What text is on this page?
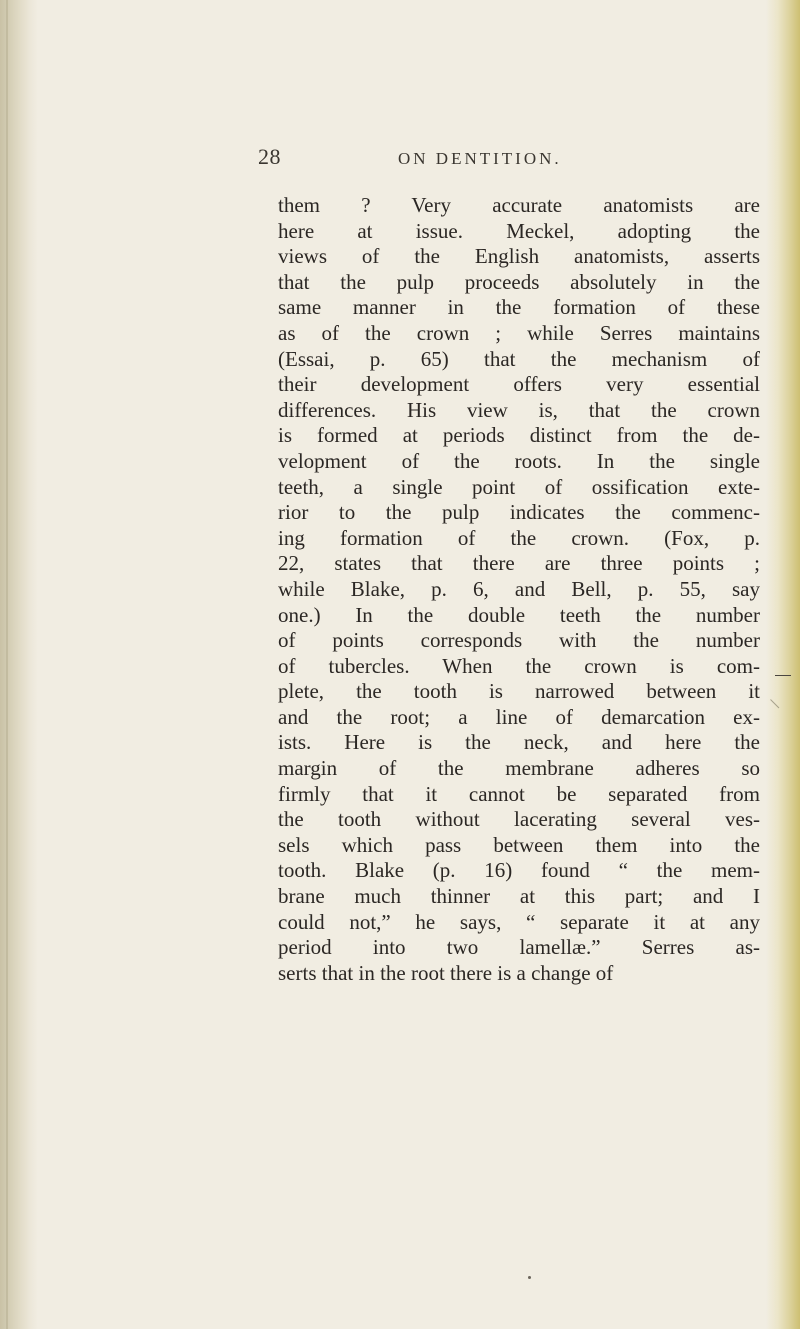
28	ON DENTITION.
them ? Very accurate anatomists are
here at issue. Meckel, adopting the
views of the English anatomists, asserts
that the pulp proceeds absolutely in the
same manner in the formation of these
as of the crown ; while Serres maintains
(Essai, p. 65) that the mechanism of
their development offers very essential
differences. His view is, that the crown
is formed at periods distinct from the de-
velopment of the roots. In the single
teeth, a single point of ossification exte-
rior to the pulp indicates the commenc-
ing formation of the crown. (Fox, p.
22, states that there are three points ;
while Blake, p. 6, and Bell, p. 55, say
one.) In the double teeth the number
of points corresponds with the number
of tubercles. When the crown is com-
plete, the tooth is narrowed between it
and the root; a line of demarcation ex-
ists. Here is the neck, and here the
margin of the membrane adheres so
firmly that it cannot be separated from
the tooth without lacerating several ves-
sels which pass between them into the
tooth. Blake (p. 16) found “ the mem-
brane much thinner at this part; and I
could not,” he says, “ separate it at any
period into two lamellæ.” Serres as-
serts that in the root there is a change of
